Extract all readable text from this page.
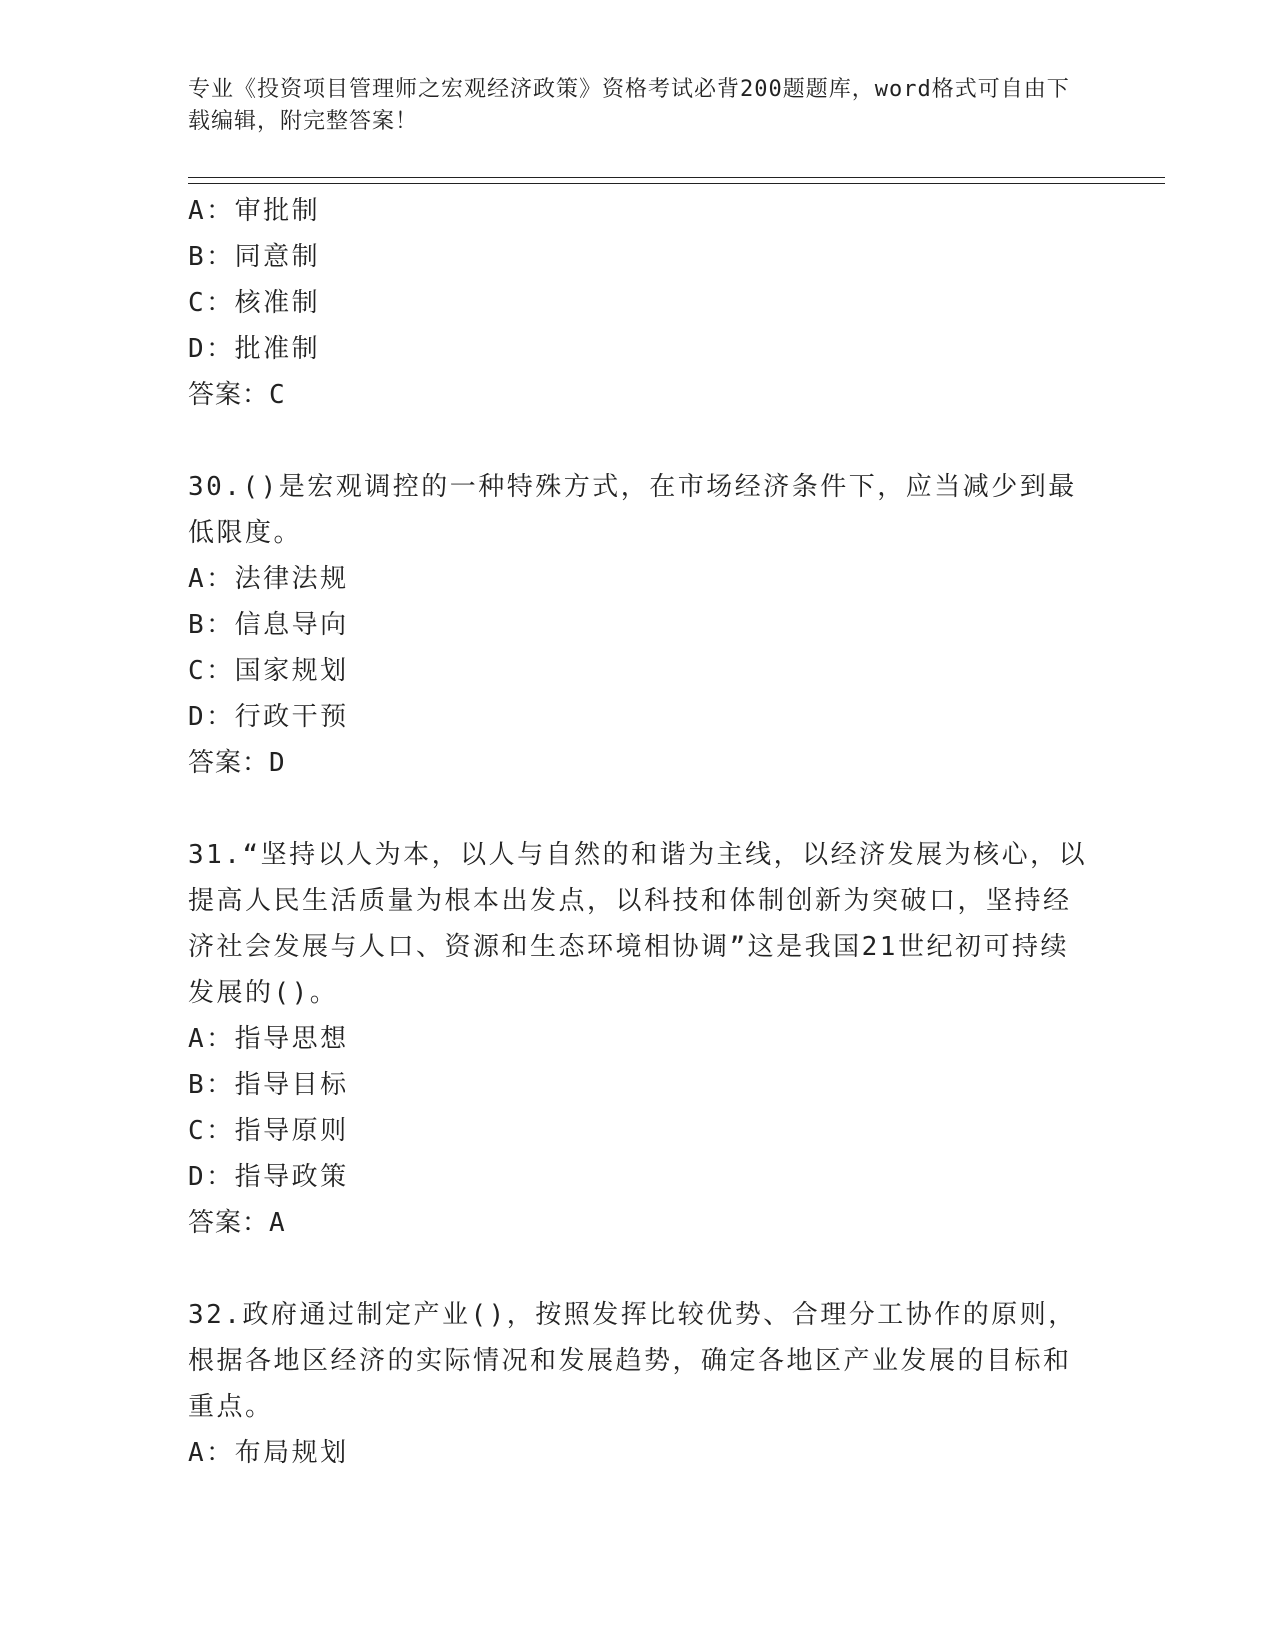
专业《投资项目管理师之宏观经济政策》资格考试必背200题题库，word格式可自由下载编辑，附完整答案！
A：审批制
B：同意制
C：核准制
D：批准制
答案：C
30.()是宏观调控的一种特殊方式，在市场经济条件下，应当减少到最低限度。
A：法律法规
B：信息导向
C：国家规划
D：行政干预
答案：D
31.“坚持以人为本，以人与自然的和谐为主线，以经济发展为核心，以提高人民生活质量为根本出发点，以科技和体制创新为突破口，坚持经济社会发展与人口、资源和生态环境相协调”这是我国21世纪初可持续发展的()。
A：指导思想
B：指导目标
C：指导原则
D：指导政策
答案：A
32.政府通过制定产业()，按照发挥比较优势、合理分工协作的原则，根据各地区经济的实际情况和发展趋势，确定各地区产业发展的目标和重点。
A：布局规划
